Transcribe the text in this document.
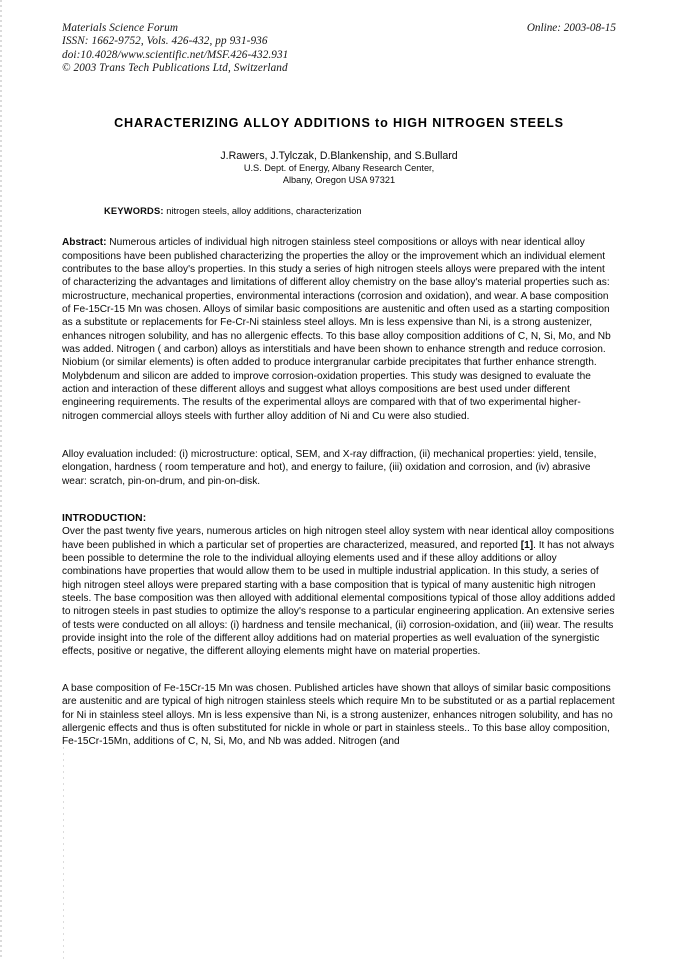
Materials Science Forum
ISSN: 1662-9752, Vols. 426-432, pp 931-936
doi:10.4028/www.scientific.net/MSF.426-432.931
© 2003 Trans Tech Publications Ltd, Switzerland
Online: 2003-08-15
CHARACTERIZING ALLOY ADDITIONS to HIGH NITROGEN STEELS
J.Rawers, J.Tylczak, D.Blankenship, and S.Bullard
U.S. Dept. of Energy, Albany Research Center,
Albany, Oregon USA 97321
KEYWORDS: nitrogen steels, alloy additions, characterization
Abstract: Numerous articles of individual high nitrogen stainless steel compositions or alloys with near identical alloy compositions have been published characterizing the properties the alloy or the improvement which an individual element contributes to the base alloy's properties. In this study a series of high nitrogen steels alloys were prepared with the intent of characterizing the advantages and limitations of different alloy chemistry on the base alloy's material properties such as: microstructure, mechanical properties, environmental interactions (corrosion and oxidation), and wear. A base composition of Fe-15Cr-15 Mn was chosen. Alloys of similar basic compositions are austenitic and often used as a starting composition as a substitute or replacements for Fe-Cr-Ni stainless steel alloys. Mn is less expensive than Ni, is a strong austenizer, enhances nitrogen solubility, and has no allergenic effects. To this base alloy composition additions of C, N, Si, Mo, and Nb was added. Nitrogen ( and carbon) alloys as interstitials and have been shown to enhance strength and reduce corrosion. Niobium (or similar elements) is often added to produce intergranular carbide precipitates that further enhance strength. Molybdenum and silicon are added to improve corrosion-oxidation properties. This study was designed to evaluate the action and interaction of these different alloys and suggest what alloys compositions are best used under different engineering requirements. The results of the experimental alloys are compared with that of two experimental higher-nitrogen commercial alloys steels with further alloy addition of Ni and Cu were also studied.
Alloy evaluation included: (i) microstructure: optical, SEM, and X-ray diffraction, (ii) mechanical properties: yield, tensile, elongation, hardness ( room temperature and hot), and energy to failure, (iii) oxidation and corrosion, and (iv) abrasive wear: scratch, pin-on-drum, and pin-on-disk.
INTRODUCTION:
Over the past twenty five years, numerous articles on high nitrogen steel alloy system with near identical alloy compositions have been published in which a particular set of properties are characterized, measured, and reported [1]. It has not always been possible to determine the role to the individual alloying elements used and if these alloy additions or alloy combinations have properties that would allow them to be used in multiple industrial application. In this study, a series of high nitrogen steel alloys were prepared starting with a base composition that is typical of many austenitic high nitrogen steels. The base composition was then alloyed with additional elemental compositions typical of those alloy additions added to nitrogen steels in past studies to optimize the alloy's response to a particular engineering application. An extensive series of tests were conducted on all alloys: (i) hardness and tensile mechanical, (ii) corrosion-oxidation, and (iii) wear. The results provide insight into the role of the different alloy additions had on material properties as well evaluation of the synergistic effects, positive or negative, the different alloying elements might have on material properties.
A base composition of Fe-15Cr-15 Mn was chosen. Published articles have shown that alloys of similar basic compositions are austenitic and are typical of high nitrogen stainless steels which require Mn to be substituted or as a partial replacement for Ni in stainless steel alloys. Mn is less expensive than Ni, is a strong austenizer, enhances nitrogen solubility, and has no allergenic effects and thus is often substituted for nickle in whole or part in stainless steels.. To this base alloy composition, Fe-15Cr-15Mn, additions of C, N, Si, Mo, and Nb was added. Nitrogen (and
